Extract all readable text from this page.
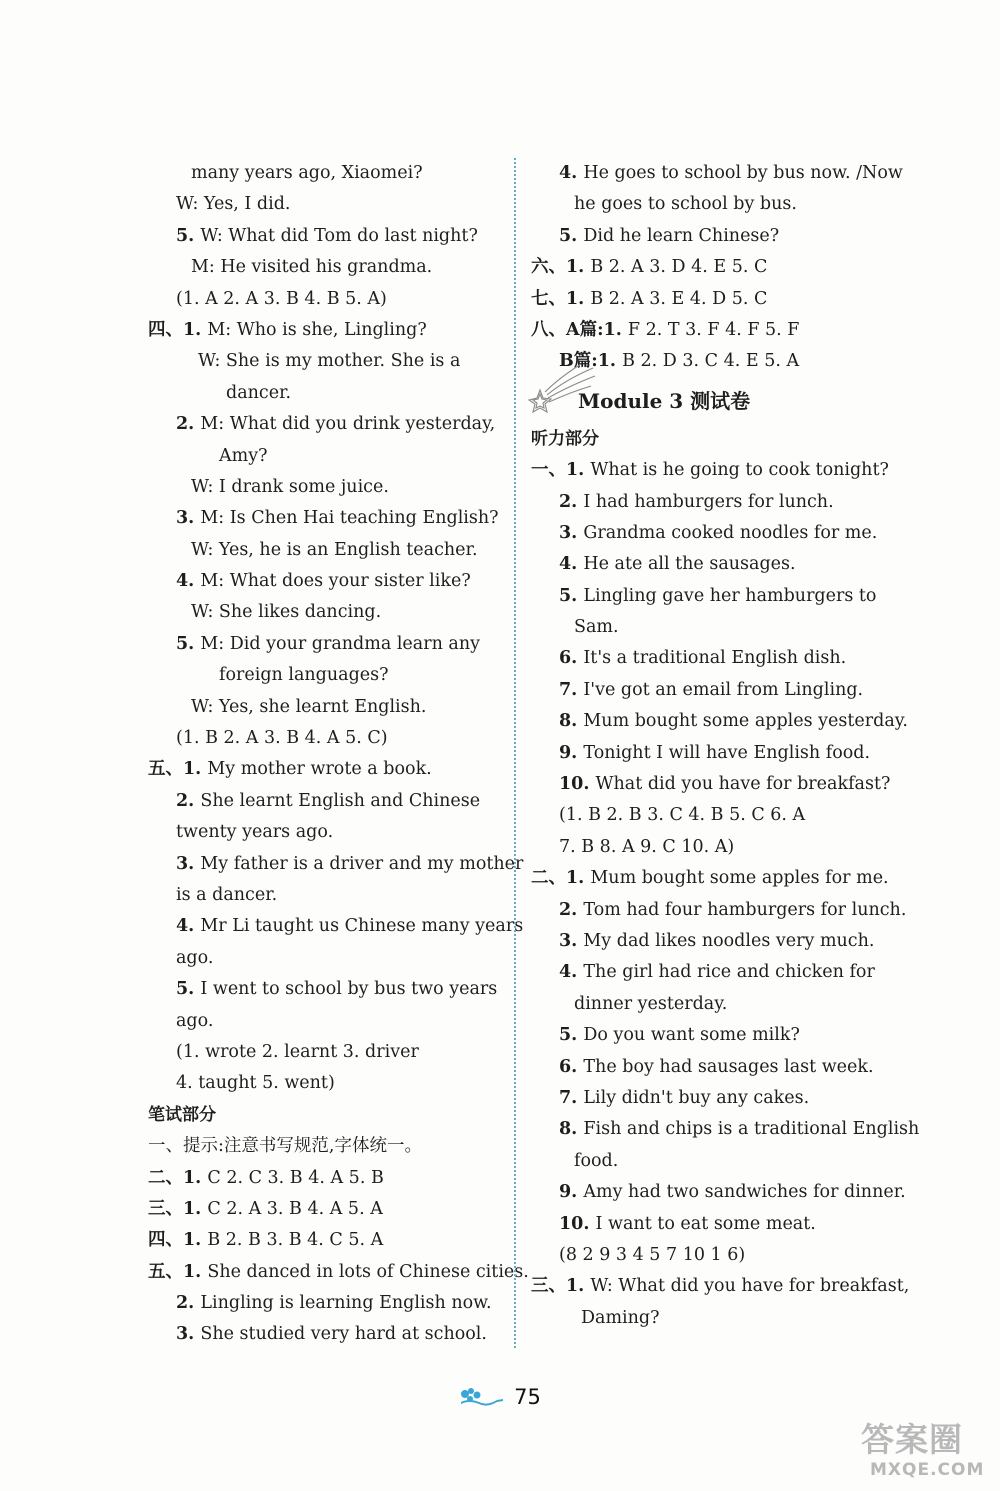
many years ago, Xiaomei?
W: Yes, I did.
5. W: What did Tom do last night?
M: He visited his grandma.
(1. A 2. A 3. B 4. B 5. A)
四、1. M: Who is she, Lingling?
W: She is my mother. She is a
dancer.
2. M: What did you drink yesterday,
Amy?
W: I drank some juice.
3. M: Is Chen Hai teaching English?
W: Yes, he is an English teacher.
4. M: What does your sister like?
W: She likes dancing.
5. M: Did your grandma learn any
foreign languages?
W: Yes, she learnt English.
(1. B 2. A 3. B 4. A 5. C)
五、1. My mother wrote a book.
2. She learnt English and Chinese
twenty years ago.
3. My father is a driver and my mother
is a dancer.
4. Mr Li taught us Chinese many years
ago.
5. I went to school by bus two years
ago.
(1. wrote 2. learnt 3. driver
4. taught 5. went)
笔试部分
一、提示:注意书写规范,字体统一。
二、1. C 2. C 3. B 4. A 5. B
三、1. C 2. A 3. B 4. A 5. A
四、1. B 2. B 3. B 4. C 5. A
五、1. She danced in lots of Chinese cities.
2. Lingling is learning English now.
3. She studied very hard at school.
4. He goes to school by bus now. /Now
he goes to school by bus.
5. Did he learn Chinese?
六、1. B 2. A 3. D 4. E 5. C
七、1. B 2. A 3. E 4. D 5. C
八、A篇:1. F 2. T 3. F 4. F 5. F
B篇:1. B 2. D 3. C 4. E 5. A
Module 3 测试卷
听力部分
一、1. What is he going to cook tonight?
2. I had hamburgers for lunch.
3. Grandma cooked noodles for me.
4. He ate all the sausages.
5. Lingling gave her hamburgers to
Sam.
6. It's a traditional English dish.
7. I've got an email from Lingling.
8. Mum bought some apples yesterday.
9. Tonight I will have English food.
10. What did you have for breakfast?
(1. B 2. B 3. C 4. B 5. C 6. A
7. B 8. A 9. C 10. A)
二、1. Mum bought some apples for me.
2. Tom had four hamburgers for lunch.
3. My dad likes noodles very much.
4. The girl had rice and chicken for
dinner yesterday.
5. Do you want some milk?
6. The boy had sausages last week.
7. Lily didn't buy any cakes.
8. Fish and chips is a traditional English
food.
9. Amy had two sandwiches for dinner.
10. I want to eat some meat.
(8 2 9 3 4 5 7 10 1 6)
三、1. W: What did you have for breakfast,
Daming?
75
答案圈
MXQE.COM
